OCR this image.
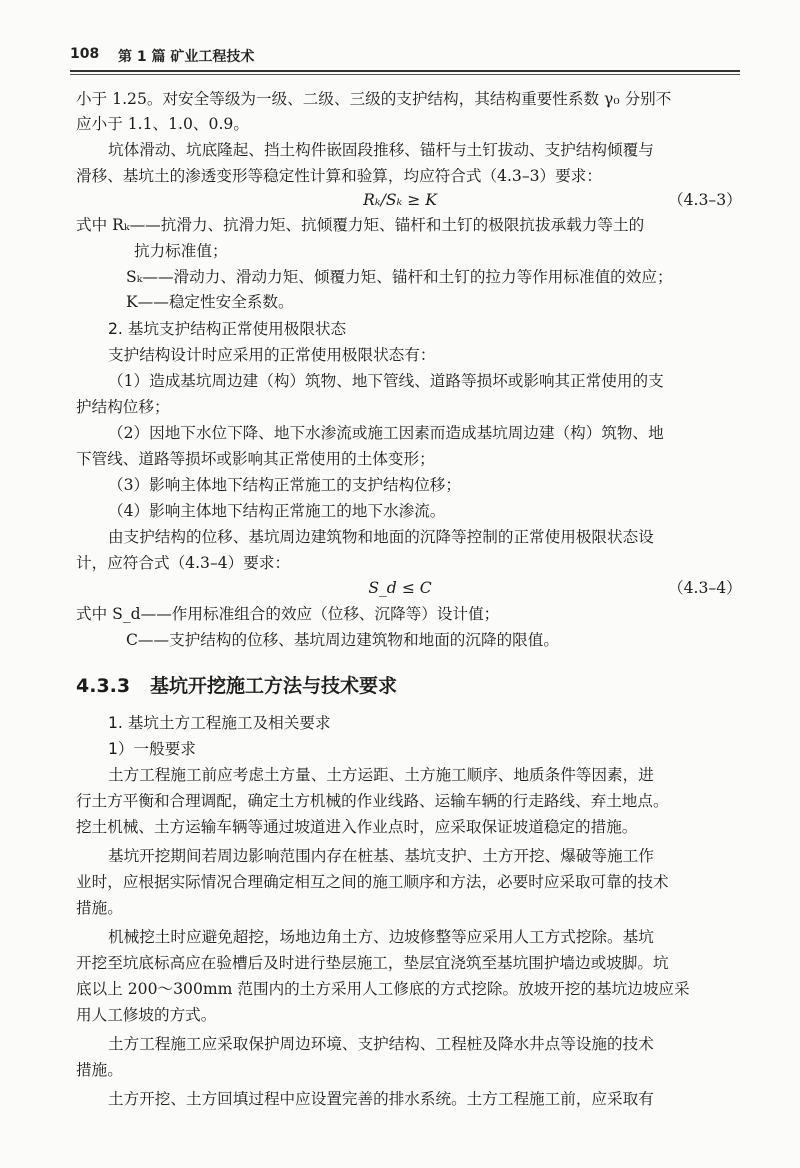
108 第 1 篇 矿业工程技术
小于 1.25。对安全等级为一级、二级、三级的支护结构，其结构重要性系数 γ₀ 分别不
应小于 1.1、1.0、0.9。
坑体滑动、坑底隆起、挡土构件嵌固段推移、锚杆与土钉拔动、支护结构倾覆与
滑移、基坑土的渗透变形等稳定性计算和验算，均应符合式（4.3–3）要求：
Rₖ/Sₖ ≥ K	（4.3–3）
式中 Rₖ——抗滑力、抗滑力矩、抗倾覆力矩、锚杆和土钉的极限抗拔承载力等土的
抗力标准值；
Sₖ——滑动力、滑动力矩、倾覆力矩、锚杆和土钉的拉力等作用标准值的效应；
K——稳定性安全系数。
2. 基坑支护结构正常使用极限状态
支护结构设计时应采用的正常使用极限状态有：
（1）造成基坑周边建（构）筑物、地下管线、道路等损坏或影响其正常使用的支
护结构位移；
（2）因地下水位下降、地下水渗流或施工因素而造成基坑周边建（构）筑物、地
下管线、道路等损坏或影响其正常使用的土体变形；
（3）影响主体地下结构正常施工的支护结构位移；
（4）影响主体地下结构正常施工的地下水渗流。
由支护结构的位移、基坑周边建筑物和地面的沉降等控制的正常使用极限状态设
计，应符合式（4.3–4）要求：
S_d ≤ C	（4.3–4）
式中 S_d——作用标准组合的效应（位移、沉降等）设计值；
C——支护结构的位移、基坑周边建筑物和地面的沉降的限值。
4.3.3 基坑开挖施工方法与技术要求
1. 基坑土方工程施工及相关要求
1）一般要求
土方工程施工前应考虑土方量、土方运距、土方施工顺序、地质条件等因素，进
行土方平衡和合理调配，确定土方机械的作业线路、运输车辆的行走路线、弃土地点。
挖土机械、土方运输车辆等通过坡道进入作业点时，应采取保证坡道稳定的措施。
基坑开挖期间若周边影响范围内存在桩基、基坑支护、土方开挖、爆破等施工作
业时，应根据实际情况合理确定相互之间的施工顺序和方法，必要时应采取可靠的技术
措施。
机械挖土时应避免超挖，场地边角土方、边坡修整等应采用人工方式挖除。基坑
开挖至坑底标高应在验槽后及时进行垫层施工，垫层宜浇筑至基坑围护墙边或坡脚。坑
底以上 200～300mm 范围内的土方采用人工修底的方式挖除。放坡开挖的基坑边坡应采
用人工修坡的方式。
土方工程施工应采取保护周边环境、支护结构、工程桩及降水井点等设施的技术
措施。
土方开挖、土方回填过程中应设置完善的排水系统。土方工程施工前，应采取有
